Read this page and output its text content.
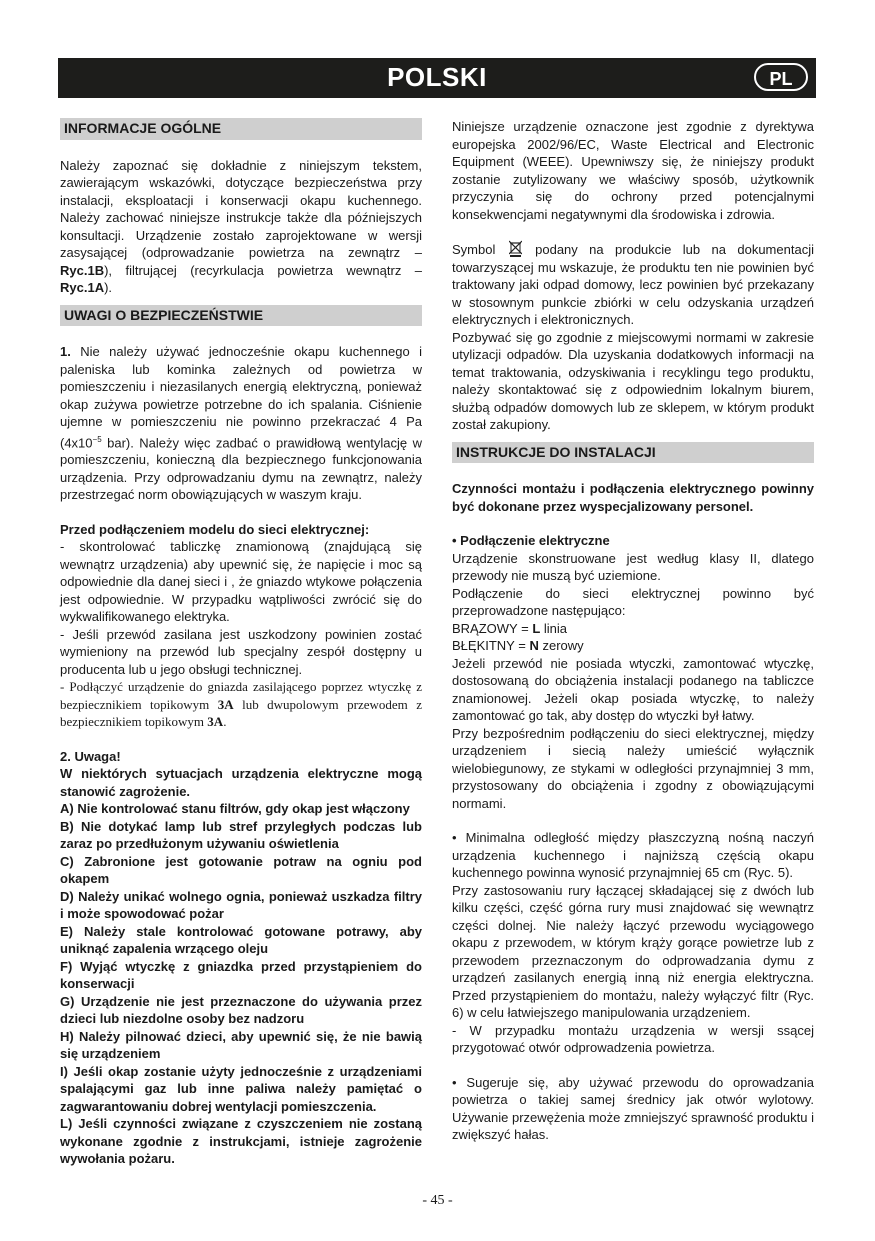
POLSKI	PL
INFORMACJE OGÓLNE

Należy zapoznać się dokładnie z niniejszym tekstem, zawierającym wskazówki, dotyczące bezpieczeństwa przy instalacji, eksploatacji i konserwacji okapu kuchennego. Należy zachować niniejsze instrukcje także dla późniejszych konsultacji. Urządzenie zostało zaprojektowane w wersji zasysającej (odprowadzanie powietrza na zewnątrz – Ryc.1B), filtrującej (recyrkulacja powietrza wewnątrz – Ryc.1A).

UWAGI O BEZPIECZEŃSTWIE

1. Nie należy używać jednocześnie okapu kuchennego i paleniska lub kominka zależnych od powietrza w pomieszczeniu i niezasilanych energią elektryczną, ponieważ okap zużywa powietrze potrzebne do ich spalania. Ciśnienie ujemne w pomieszczeniu nie powinno przekraczać 4 Pa ($4x10^{-5}$ bar). Należy więc zadbać o prawidłową wentylację w pomieszczeniu, konieczną dla bezpiecznego funkcjonowania urządzenia. Przy odprowadzaniu dymu na zewnątrz, należy przestrzegać norm obowiązujących w waszym kraju.

Przed podłączeniem modelu do sieci elektrycznej:

- skontrolować tabliczkę znamionową (znajdującą się wewnątrz urządzenia) aby upewnić się, że napięcie i moc są odpowiednie dla danej sieci i , że gniazdo wtykowe połączenia jest odpowiednie. W przypadku wątpliwości zwrócić się do wykwalifikowanego elektryka.

- Jeśli przewód zasilana jest uszkodzony powinien zostać wymieniony na przewód lub specjalny zespół dostępny u producenta lub u jego obsługi technicznej.

- Podłączyć urządzenie do gniazda zasilającego poprzez wtyczkę z bezpiecznikiem topikowym 3A lub dwupolowym przewodem z bezpiecznikiem topikowym 3A.

2. Uwaga!

W niektórych sytuacjach urządzenia elektryczne mogą stanowić zagrożenie.

A) Nie kontrolować stanu filtrów, gdy okap jest włączony

B) Nie dotykać lamp lub stref przyległych podczas lub zaraz po przedłużonym używaniu oświetlenia

C) Zabronione jest gotowanie potraw na ogniu pod okapem

D) Należy unikać wolnego ognia, ponieważ uszkadza filtry i może spowodować pożar

E) Należy stale kontrolować gotowane potrawy, aby uniknąć zapalenia wrzącego oleju

F) Wyjąć wtyczkę z gniazdka przed przystąpieniem do konserwacji

G) Urządzenie nie jest przeznaczone do używania przez dzieci lub niezdolne osoby bez nadzoru

H) Należy pilnować dzieci, aby upewnić się, że nie bawią się urządzeniem

I) Jeśli okap zostanie użyty jednocześnie z urządzeniami spalającymi gaz lub inne paliwa należy pamiętać o zagwarantowaniu dobrej wentylacji pomieszczenia.

L) Jeśli czynności związane z czyszczeniem nie zostaną wykonane zgodnie z instrukcjami, istnieje zagrożenie wywołania pożaru.

Niniejsze urządzenie oznaczone jest zgodnie z dyrektywa europejska 2002/96/EC, Waste Electrical and Electronic Equipment (WEEE). Upewniwszy się, że niniejszy produkt zostanie zutylizowany we właściwy sposób, użytkownik przyczynia się do ochrony przed potencjalnymi konsekwencjami negatywnymi dla środowiska i zdrowia.

Symbol	podany na produkcie lub na dokumentacji towarzyszącej mu wskazuje, że produktu ten nie powinien być traktowany jaki odpad domowy, lecz powinien być przekazany w stosownym punkcie zbiórki w celu odzyskania urządzeń elektrycznych i elektronicznych.

Pozbywać się go zgodnie z miejscowymi normami w zakresie utylizacji odpadów. Dla uzyskania dodatkowych informacji na temat traktowania, odzyskiwania i recyklingu tego produktu, należy skontaktować się z odpowiednim lokalnym biurem, służbą odpadów domowych lub ze sklepem, w którym produkt został zakupiony.

INSTRUKCJE DO INSTALACJI

Czynności montażu i podłączenia elektrycznego powinny być dokonane przez wyspecjalizowany personel.

• Podłączenie elektryczne

Urządzenie skonstruowane jest według klasy II, dlatego przewody nie muszą być uziemione.

Podłączenie do sieci elektrycznej powinno być przeprowadzone następująco:

BRĄZOWY = L linia

BŁĘKITNY = N zerowy

Jeżeli przewód nie posiada wtyczki, zamontować wtyczkę, dostosowaną do obciążenia instalacji podanego na tabliczce znamionowej. Jeżeli okap posiada wtyczkę, to należy zamontować go tak, aby dostęp do wtyczki był łatwy.

Przy bezpośrednim podłączeniu do sieci elektrycznej, między urządzeniem i siecią należy umieścić wyłącznik wielobiegunowy, ze stykami w odległości przynajmniej 3 mm, przystosowany do obciążenia i zgodny z obowiązującymi normami.

• Minimalna odległość między płaszczyzną nośną naczyń urządzenia kuchennego i najniższą częścią okapu kuchennego powinna wynosić przynajmniej 65 cm (Ryc. 5).

Przy zastosowaniu rury łączącej składającej się z dwóch lub kilku części, część górna rury musi znajdować się wewnątrz części dolnej. Nie należy łączyć przewodu wyciągowego okapu z przewodem, w którym krąży gorące powietrze lub z przewodem przeznaczonym do odprowadzania dymu z urządzeń zasilanych energią inną niż energia elektryczna. Przed przystąpieniem do montażu, należy wyłączyć filtr (Ryc. 6) w celu łatwiejszego manipulowania urządzeniem.

- W przypadku montażu urządzenia w wersji ssącej przygotować otwór odprowadzenia powietrza.

• Sugeruje się, aby używać przewodu do oprowadzania powietrza o takiej samej średnicy jak otwór wylotowy. Używanie przewężenia może zmniejszyć sprawność produktu i zwiększyć hałas.

- 45 -
